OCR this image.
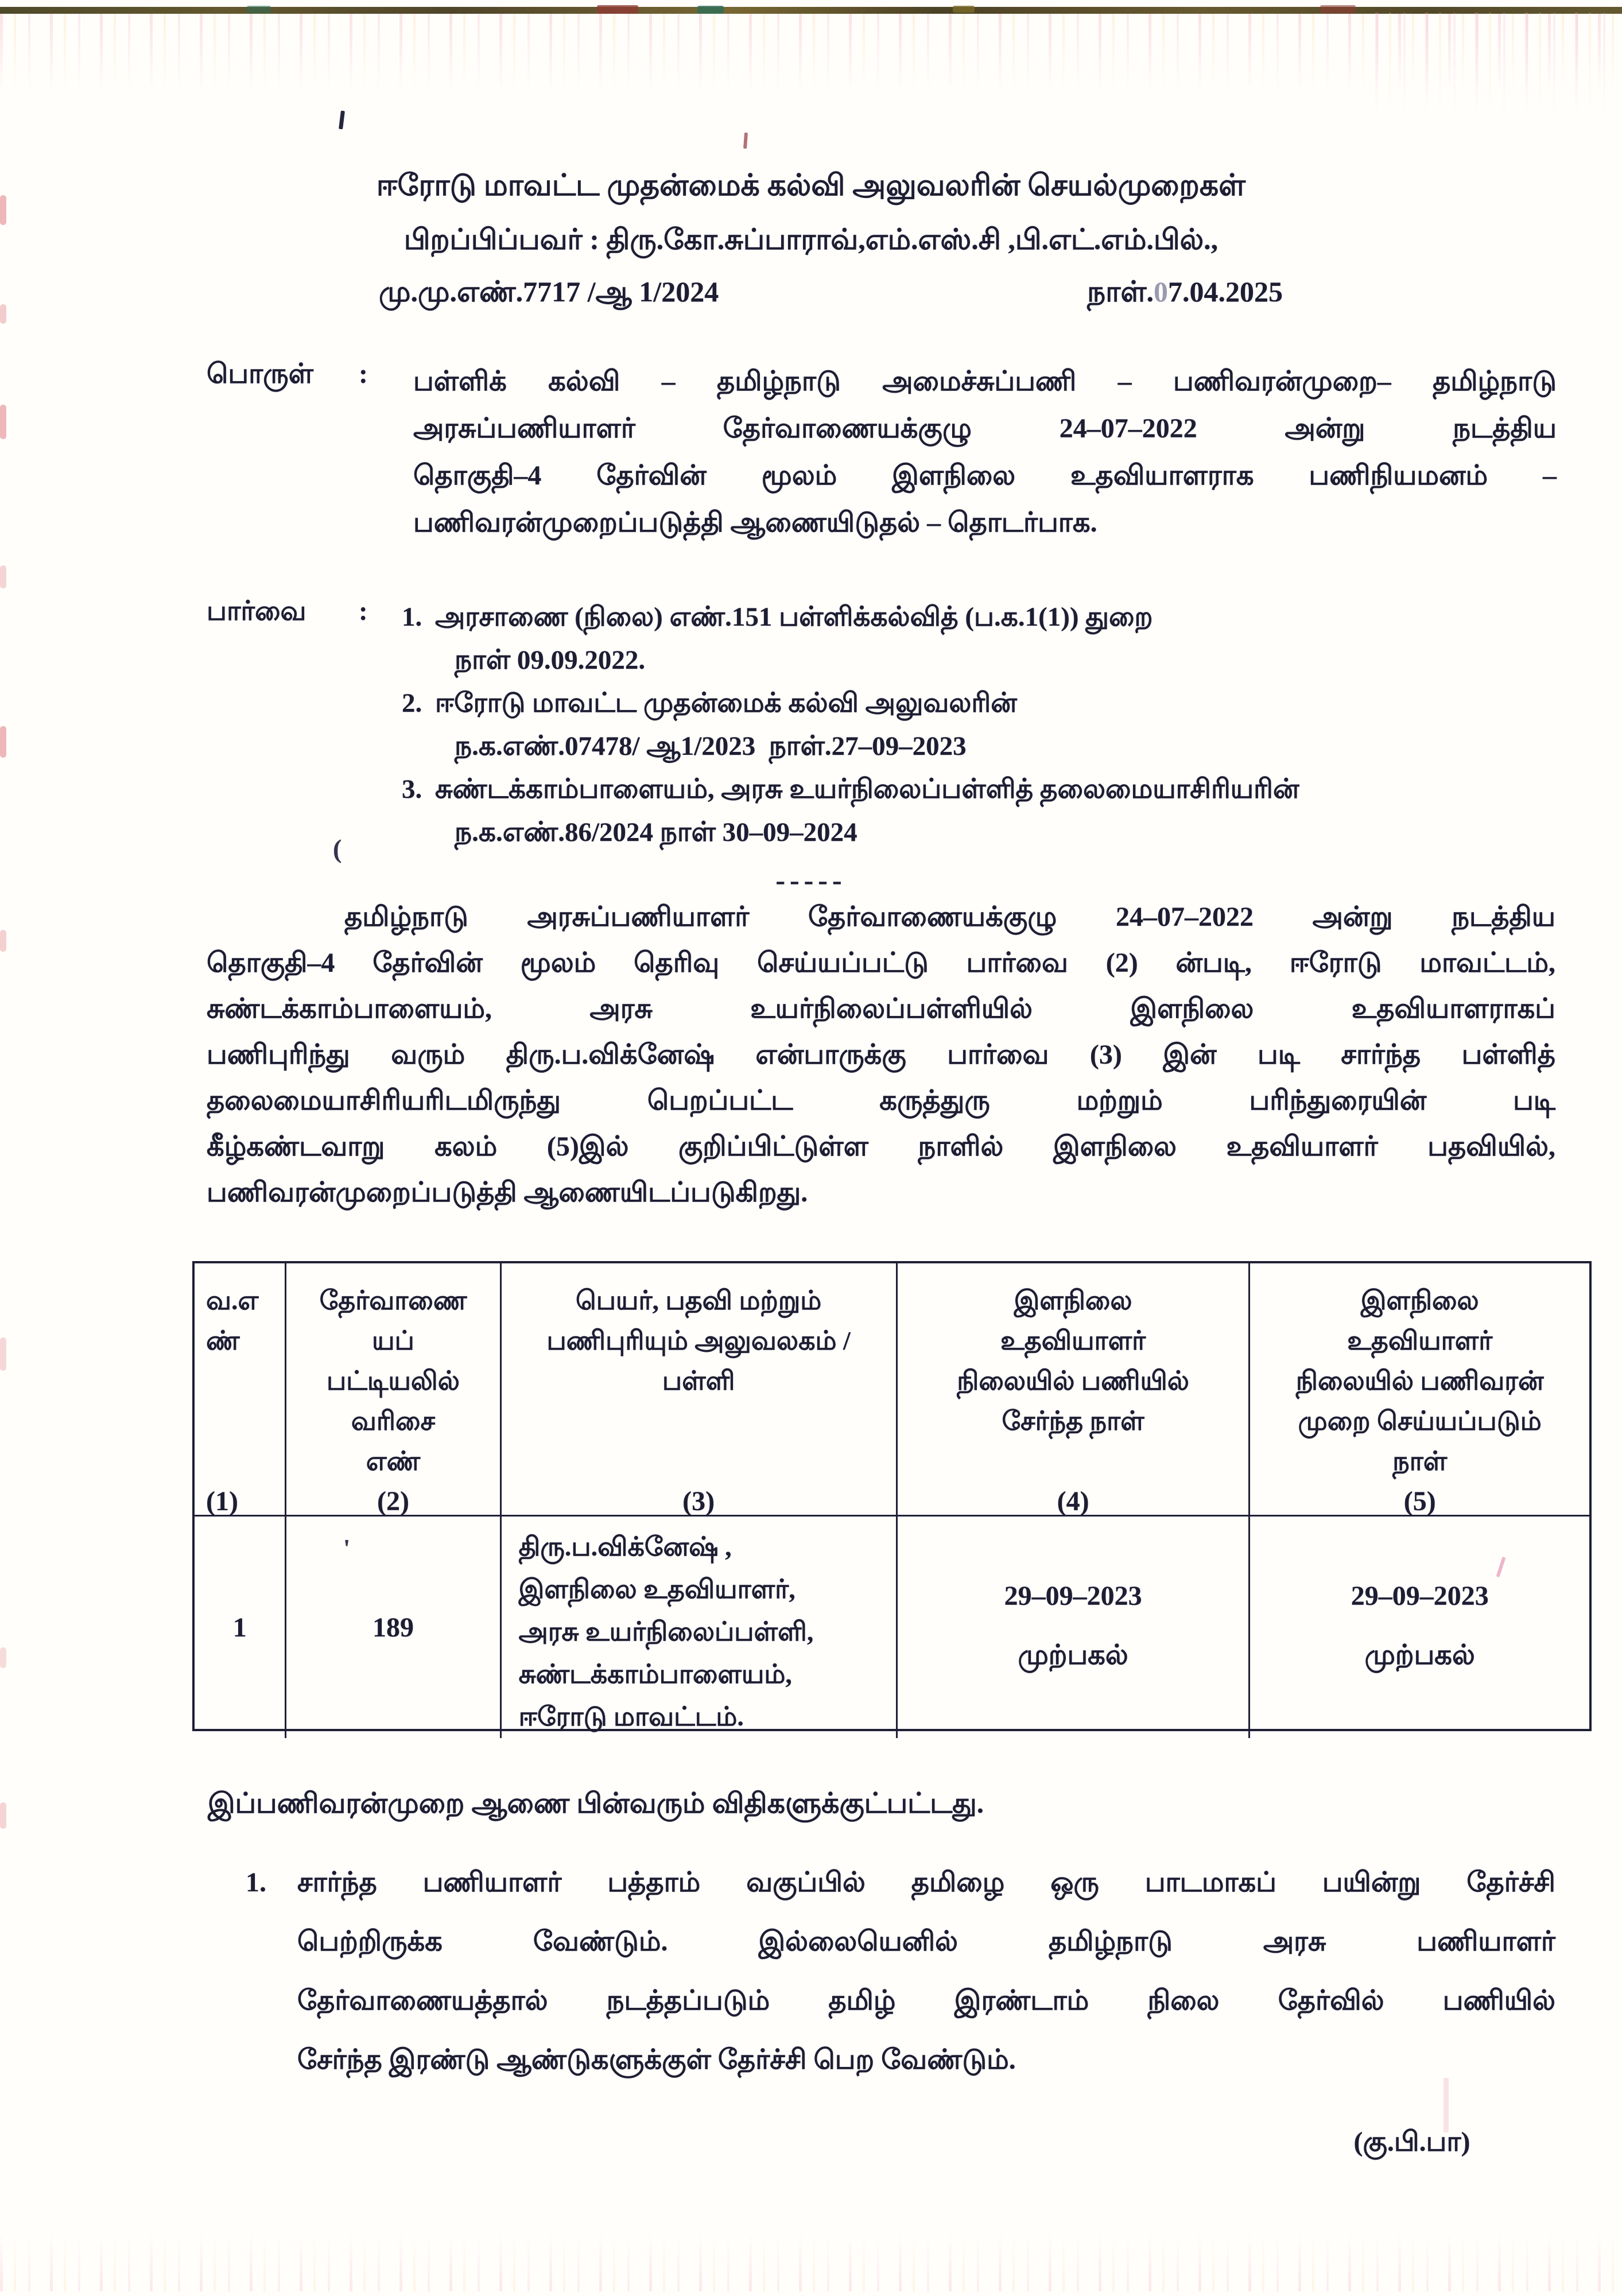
(
'
ஈரோடு மாவட்ட முதன்மைக் கல்வி அலுவலரின் செயல்முறைகள்
பிறப்பிப்பவர் : திரு.கோ.சுப்பாராவ்,எம்.எஸ்.சி ,பி.எட்.எம்.பில்.,
மு.மு.எண்.7717 /ஆ 1/2024	நாள்.07.04.2025
பொருள் : பள்ளிக் கல்வி – தமிழ்நாடு அமைச்சுப்பணி – பணிவரன்முறை– தமிழ்நாடு
அரசுப்பணியாளர் தேர்வாணையக்குழு 24–07–2022 அன்று நடத்திய
தொகுதி–4 தேர்வின் மூலம் இளநிலை உதவியாளராக பணிநியமனம் –
பணிவரன்முறைப்படுத்தி ஆணையிடுதல் – தொடர்பாக.
பார்வை : 1. அரசாணை (நிலை) எண்.151 பள்ளிக்கல்வித் (ப.க.1(1)) துறை
நாள் 09.09.2022.
2. ஈரோடு மாவட்ட முதன்மைக் கல்வி அலுவலரின்
ந.க.எண்.07478/ ஆ1/2023  நாள்.27–09–2023
3. சுண்டக்காம்பாளையம், அரசு உயர்நிலைப்பள்ளித் தலைமையாசிரியரின்
ந.க.எண்.86/2024 நாள் 30–09–2024
-----
தமிழ்நாடு அரசுப்பணியாளர் தேர்வாணையக்குழு 24–07–2022 அன்று நடத்திய
தொகுதி–4 தேர்வின் மூலம் தெரிவு செய்யப்பட்டு பார்வை (2) ன்படி, ஈரோடு மாவட்டம்,
சுண்டக்காம்பாளையம், அரசு உயர்நிலைப்பள்ளியில் இளநிலை உதவியாளராகப்
பணிபுரிந்து வரும் திரு.ப.விக்னேஷ் என்பாருக்கு பார்வை (3) இன் படி சார்ந்த பள்ளித்
தலைமையாசிரியரிடமிருந்து பெறப்பட்ட கருத்துரு மற்றும் பரிந்துரையின் படி
கீழ்கண்டவாறு கலம் (5)இல் குறிப்பிட்டுள்ள நாளில் இளநிலை உதவியாளர் பதவியில்,
பணிவரன்முறைப்படுத்தி ஆணையிடப்படுகிறது.
வ.எ
ண்
(1)
தேர்வாணை
யப்
பட்டியலில்
வரிசை
எண்
(2)
பெயர், பதவி மற்றும்
பணிபுரியும் அலுவலகம் /
பள்ளி
(3)
இளநிலை
உதவியாளர்
நிலையில் பணியில்
சேர்ந்த நாள்
(4)
இளநிலை
உதவியாளர்
நிலையில் பணிவரன்
முறை செய்யப்படும்
நாள்
(5)
1	189
திரு.ப.விக்னேஷ் ,
இளநிலை உதவியாளர்,
அரசு உயர்நிலைப்பள்ளி,
சுண்டக்காம்பாளையம்,
ஈரோடு மாவட்டம்.
29–09–2023
முற்பகல்
29–09–2023
முற்பகல்
இப்பணிவரன்முறை ஆணை பின்வரும் விதிகளுக்குட்பட்டது.
1. சார்ந்த பணியாளர் பத்தாம் வகுப்பில் தமிழை ஒரு பாடமாகப் பயின்று தேர்ச்சி
பெற்றிருக்க வேண்டும். இல்லையெனில் தமிழ்நாடு அரசு பணியாளர்
தேர்வாணையத்தால் நடத்தப்படும் தமிழ் இரண்டாம் நிலை தேர்வில் பணியில்
சேர்ந்த இரண்டு ஆண்டுகளுக்குள் தேர்ச்சி பெற வேண்டும்.
(கு.பி.பா)
